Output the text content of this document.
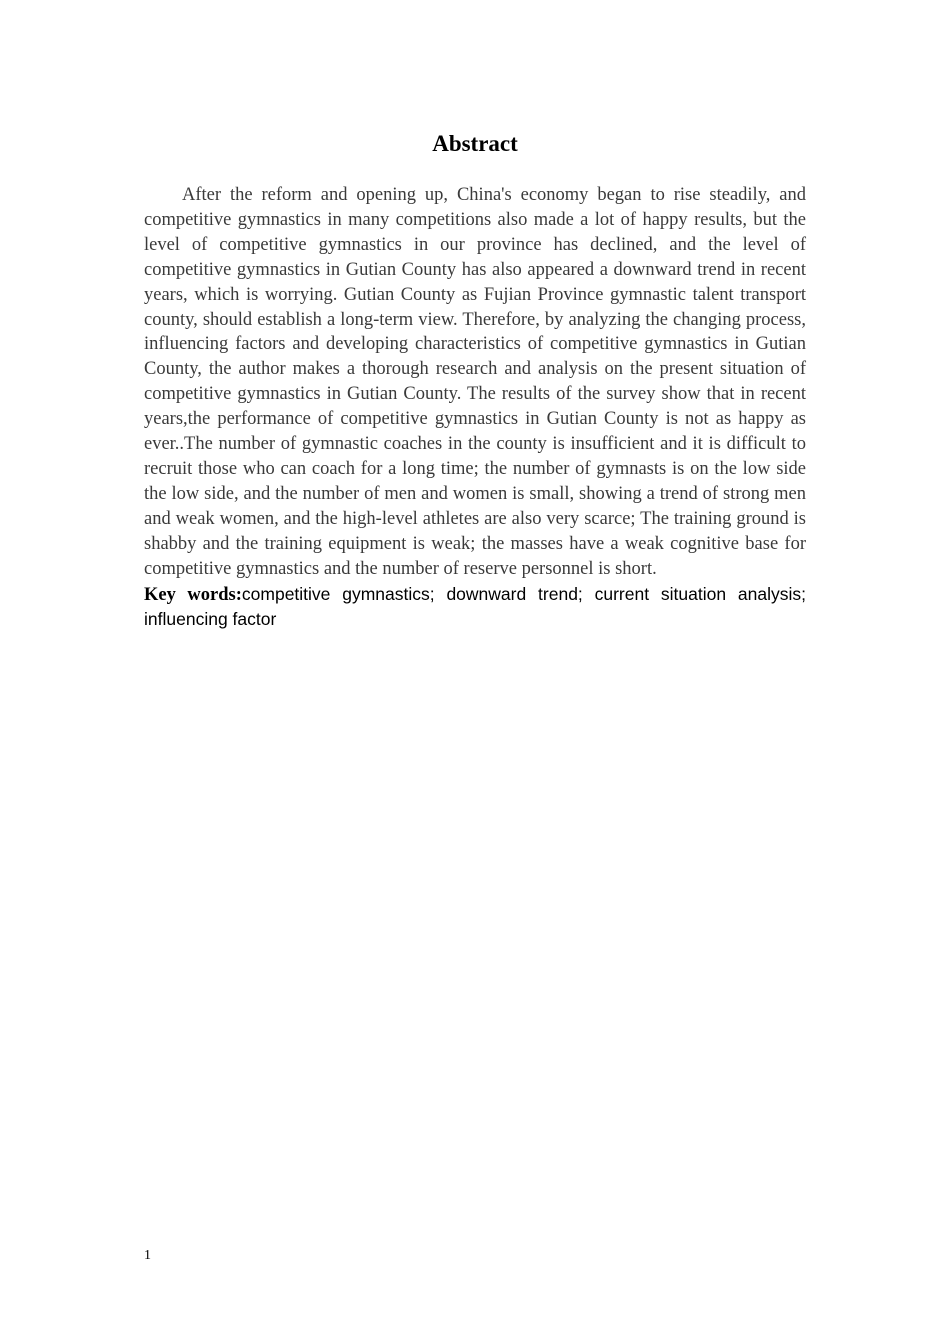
Abstract

After the reform and opening up, China's economy began to rise steadily, and competitive gymnastics in many competitions also made a lot of happy results, but the level of competitive gymnastics in our province has declined, and the level of competitive gymnastics in Gutian County has also appeared a downward trend in recent years, which is worrying. Gutian County as Fujian Province gymnastic talent transport county, should establish a long-term view. Therefore, by analyzing the changing process, influencing factors and developing characteristics of competitive gymnastics in Gutian County, the author makes a thorough research and analysis on the present situation of competitive gymnastics in Gutian County. The results of the survey show that in recent years,the performance of competitive gymnastics in Gutian County is not as happy as ever..The number of gymnastic coaches in the county is insufficient and it is difficult to recruit those who can coach for a long time; the number of gymnasts is on the low side the low side, and the number of men and women is small, showing a trend of strong men and weak women, and the high-level athletes are also very scarce; The training ground is shabby and the training equipment is weak; the masses have a weak cognitive base for competitive gymnastics and the number of reserve personnel is short.

Key words:competitive gymnastics; downward trend; current situation analysis; influencing factor

1
